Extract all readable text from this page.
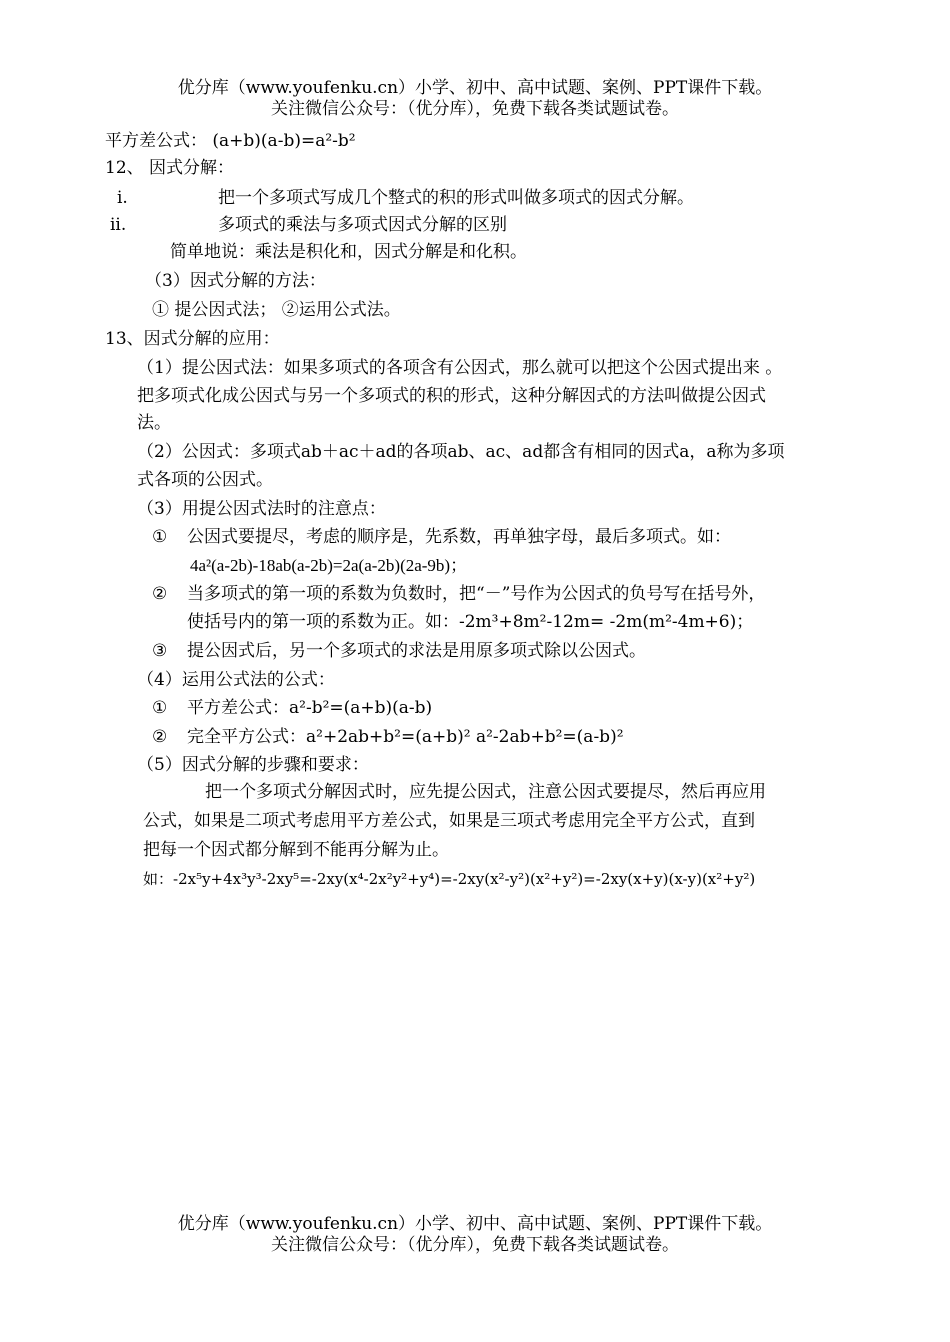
优分库（www.youfenku.cn）小学、初中、高中试题、案例、PPT课件下载。
关注微信公众号：（优分库），免费下载各类试题试卷。
平方差公式： (a+b)(a-b)=a²-b²
12、 因式分解：
i.	把一个多项式写成几个整式的积的形式叫做多项式的因式分解。
ii.	多项式的乘法与多项式因式分解的区别
简单地说：乘法是积化和，因式分解是和化积。
（3）因式分解的方法：
① 提公因式法； ②运用公式法。
13、因式分解的应用：
（1）提公因式法：如果多项式的各项含有公因式，那么就可以把这个公因式提出来 。
把多项式化成公因式与另一个多项式的积的形式，这种分解因式的方法叫做提公因式
法。
（2）公因式：多项式ab＋ac＋ad的各项ab、ac、ad都含有相同的因式a，a称为多项
式各项的公因式。
（3）用提公因式法时的注意点：
① 公因式要提尽，考虑的顺序是，先系数，再单独字母，最后多项式。如：
4a²(a-2b)-18ab(a-2b)=2a(a-2b)(2a-9b)；
② 当多项式的第一项的系数为负数时，把“－”号作为公因式的负号写在括号外，
使括号内的第一项的系数为正。如：-2m³+8m²-12m= -2m(m²-4m+6)；
③ 提公因式后，另一个多项式的求法是用原多项式除以公因式。
（4）运用公式法的公式：
① 平方差公式：a²-b²=(a+b)(a-b)
② 完全平方公式：a²+2ab+b²=(a+b)² a²-2ab+b²=(a-b)²
（5）因式分解的步骤和要求：
把一个多项式分解因式时，应先提公因式，注意公因式要提尽，然后再应用
公式，如果是二项式考虑用平方差公式，如果是三项式考虑用完全平方公式，直到
把每一个因式都分解到不能再分解为止。
如：-2x⁵y+4x³y³-2xy⁵=-2xy(x⁴-2x²y²+y⁴)=-2xy(x²-y²)(x²+y²)=-2xy(x+y)(x-y)(x²+y²)
优分库（www.youfenku.cn）小学、初中、高中试题、案例、PPT课件下载。
关注微信公众号：（优分库），免费下载各类试题试卷。
